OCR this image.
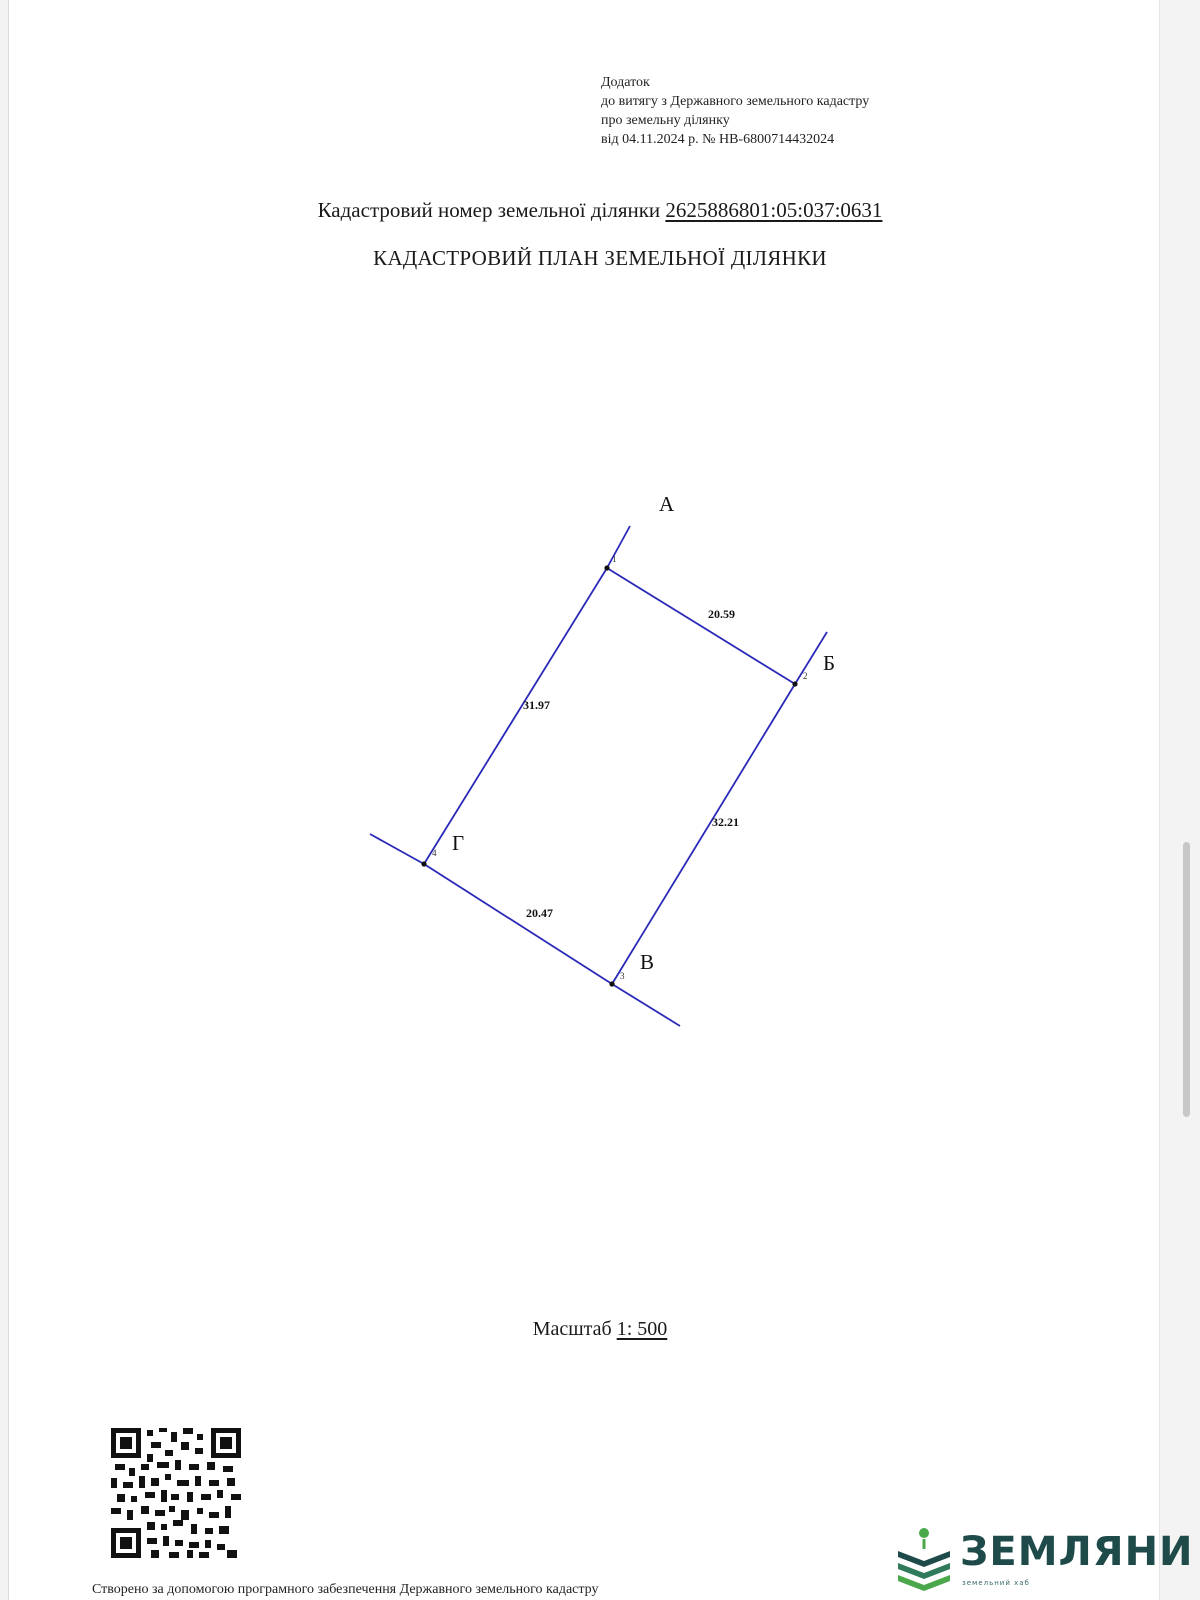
Додаток
до витягу з Державного земельного кадастру
про земельну ділянку
від 04.11.2024 р. № НВ-6800714432024
Кадастровий номер земельної ділянки 2625886801:05:037:0631
КАДАСТРОВИЙ ПЛАН ЗЕМЕЛЬНОЇ ДІЛЯНКИ
1
2
3
4
20.59
32.21
20.47
31.97
А
Б
В
Г
Масштаб 1: 500
Створено за допомогою програмного забезпечення Державного земельного кадастру
ЗЕМЛЯНИ
земельний хаб
